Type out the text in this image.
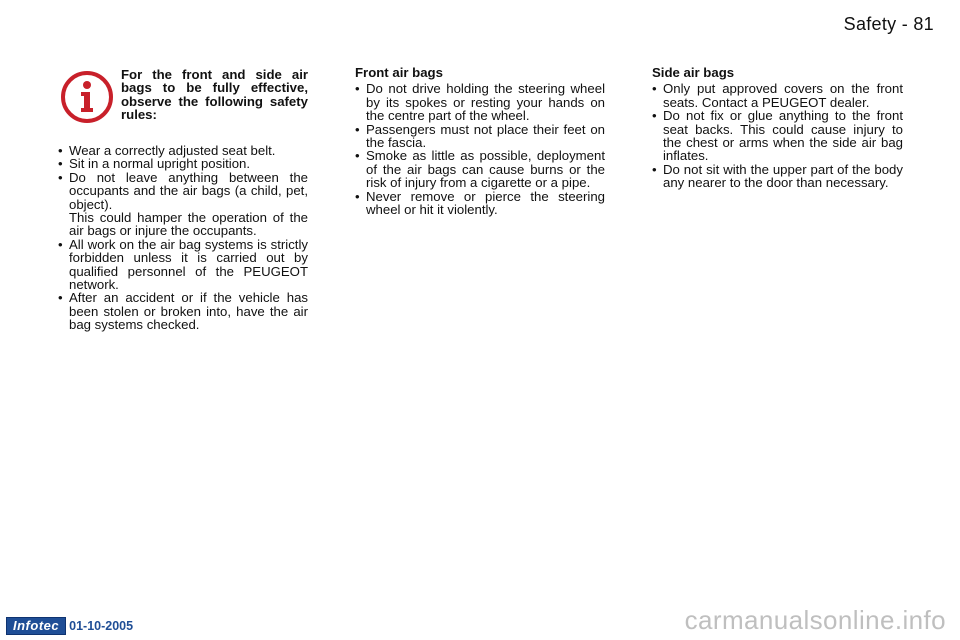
Safety - 81
For the front and side air bags to be fully effective, observe the following safety rules:
• Wear a correctly adjusted seat belt.
• Sit in a normal upright position.
• Do not leave anything between the occupants and the air bags (a child, pet, object).
This could hamper the operation of the air bags or injure the occupants.
• All work on the air bag systems is strictly forbidden unless it is carried out by qualified personnel of the PEUGEOT network.
• After an accident or if the vehicle has been stolen or broken into, have the air bag systems checked.
Front air bags
• Do not drive holding the steering wheel by its spokes or resting your hands on the centre part of the wheel.
• Passengers must not place their feet on the fascia.
• Smoke as little as possible, deployment of the air bags can cause burns or the risk of injury from a cigarette or a pipe.
• Never remove or pierce the steering wheel or hit it violently.
Side air bags
• Only put approved covers on the front seats. Contact a PEUGEOT dealer.
• Do not fix or glue anything to the front seat backs. This could cause injury to the chest or arms when the side air bag inflates.
• Do not sit with the upper part of the body any nearer to the door than necessary.
Infotec 01-10-2005	carmanualsonline.info
